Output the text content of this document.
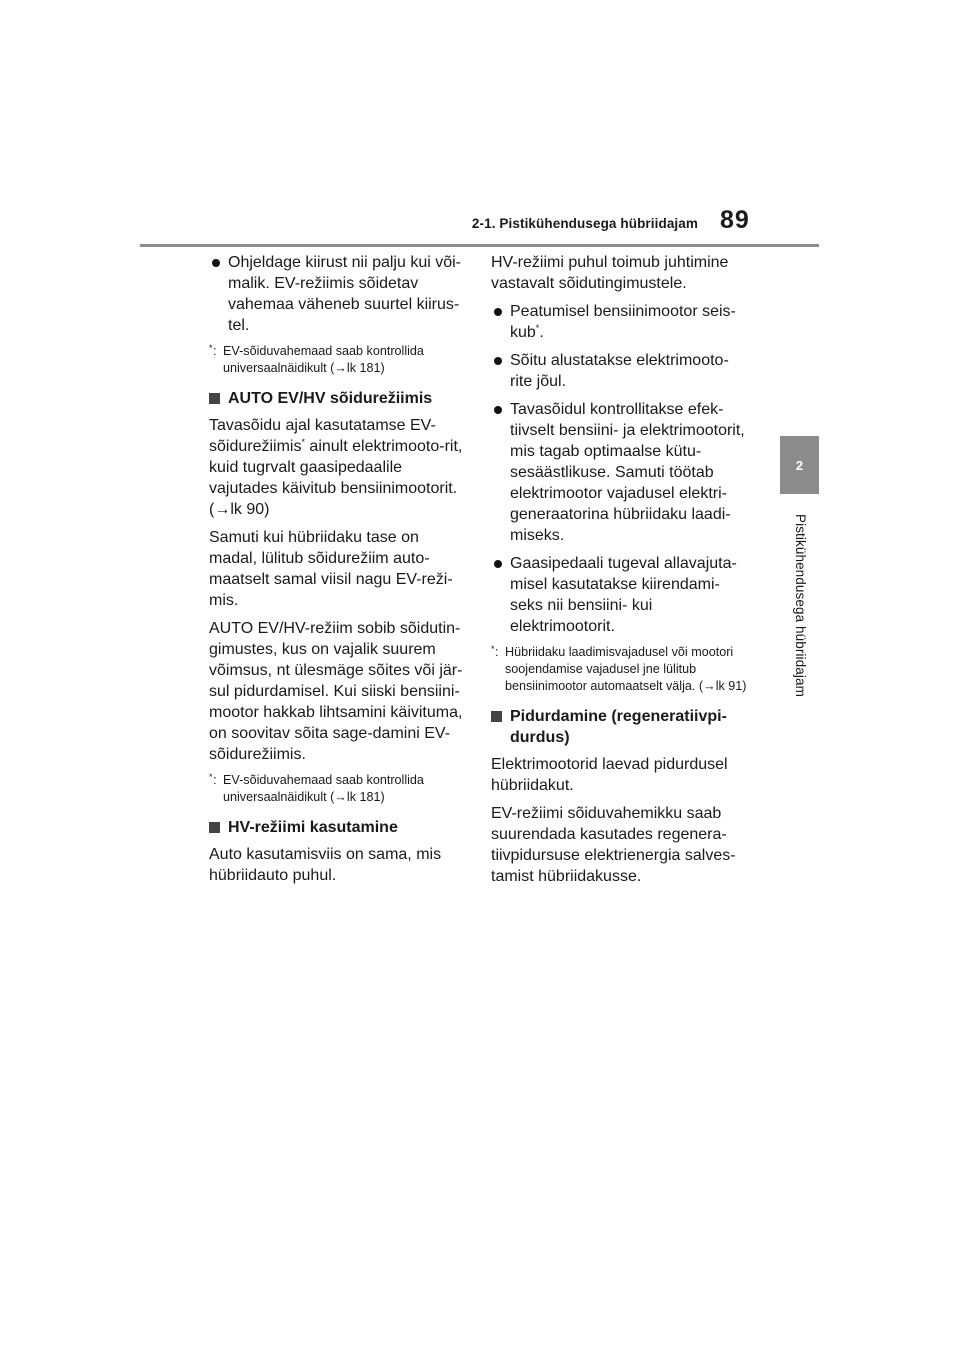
2-1. Pistikühendusega hübriidajam 89
2
Pistikühendusega hübriidajam
Ohjeldage kiirust nii palju kui või-malik. EV-režiimis sõidetav vahemaa väheneb suurtel kiirus-tel.
* : EV-sõiduvahemaad saab kontrollida universaalnäidikult (→lk 181)
AUTO EV/HV sõidurežiimis

Tavasõidu ajal kasutatamse EV-sõidurežiimis* ainult elektrimooto-rit, kuid tugrvalt gaasipedaalile vajutades käivitub bensiinimootorit. (→lk 90)

Samuti kui hübriidaku tase on madal, lülitub sõidurežiim auto-maatselt samal viisil nagu EV-reži-mis.

AUTO EV/HV-režiim sobib sõidutin-gimustes, kus on vajalik suurem võimsus, nt ülesmäge sõites või jär-sul pidurdamisel. Kui siiski bensiini-mootor hakkab lihtsamini käivituma, on soovitav sõita sage-damini EV-sõidurežiimis.

* : EV-sõiduvahemaad saab kontrollida universaalnäidikult (→lk 181)
HV-režiimi kasutamine

Auto kasutamisviis on sama, mis hübriidauto puhul.

HV-režiimi puhul toimub juhtimine vastavalt sõidutingimustele.

Peatumisel bensiinimootor seis-kub*.
Sõitu alustatakse elektrimooto-rite jõul.
Tavasõidul kontrollitakse efek-tiivselt bensiini- ja elektrimootorit, mis tagab optimaalse kütu-sesäästlikuse. Samuti töötab elektrimootor vajadusel elektri-generaatorina hübriidaku laadi-miseks.
Gaasipedaali tugeval allavajuta-misel kasutatakse kiirendami-seks nii bensiini- kui elektrimootorit.
* : Hübriidaku laadimisvajadusel või mootori soojendamise vajadusel jne lülitub bensiinimootor automaatselt välja. (→lk 91)
Pidurdamine (regeneratiivpi-durdus)

Elektrimootorid laevad pidurdusel hübriidakut.

EV-režiimi sõiduvahemikku saab suurendada kasutades regenera-tiivpidursuse elektrienergia salves-tamist hübriidakusse.
